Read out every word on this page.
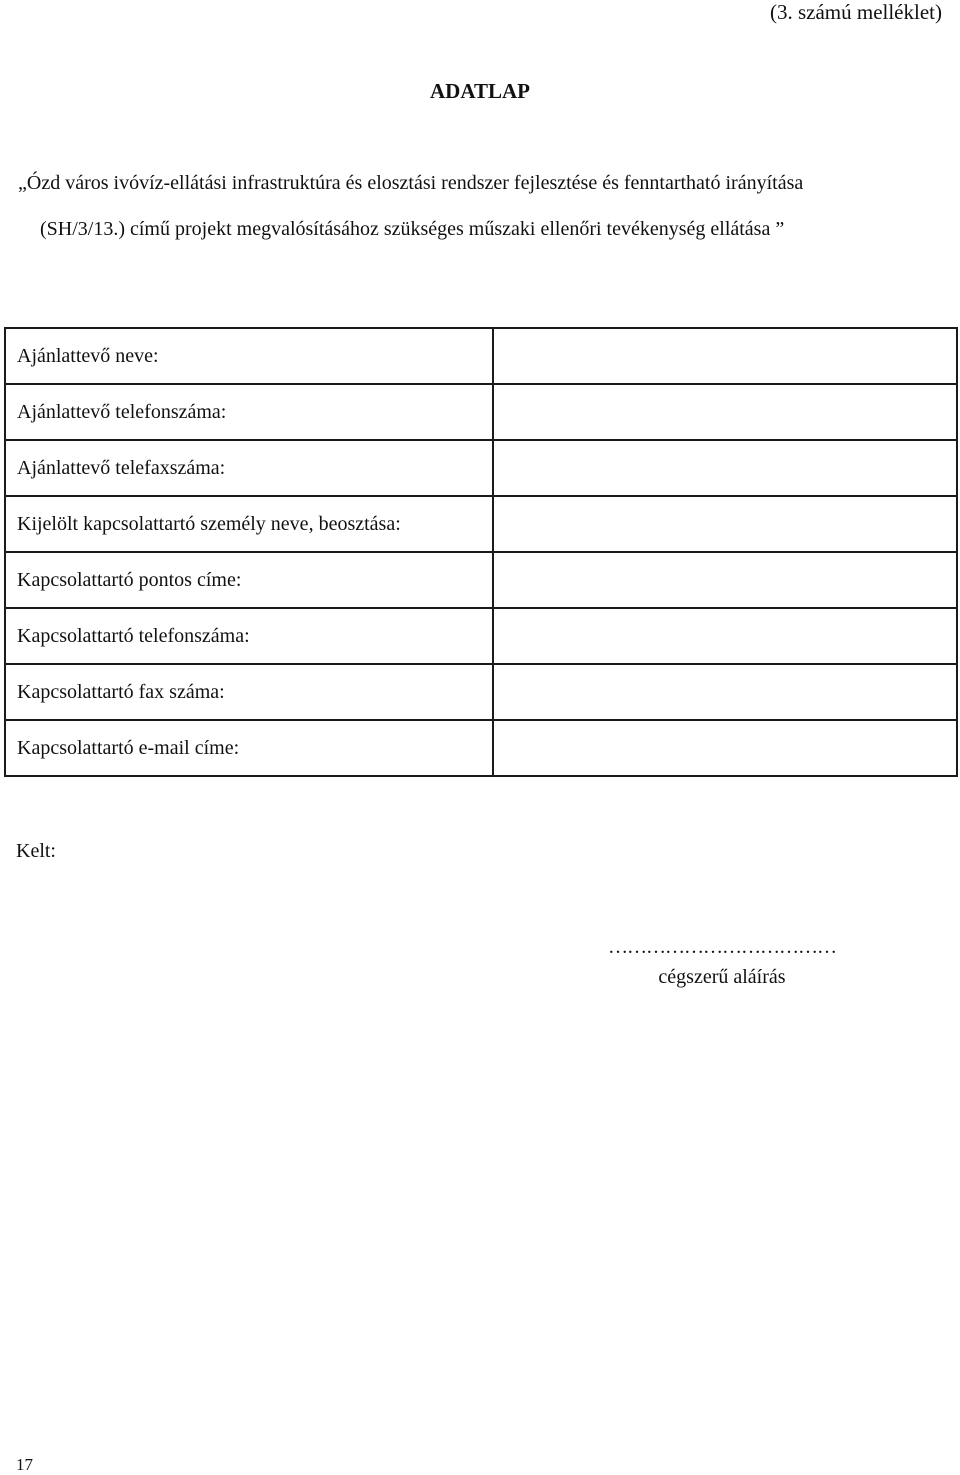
(3. számú melléklet)
ADATLAP
„Ózd város ivóvíz-ellátási infrastruktúra és elosztási rendszer fejlesztése és fenntartható irányítása
(SH/3/13.) című projekt megvalósításához szükséges műszaki ellenőri tevékenység ellátása ”
Ajánlattevő neve:	
Ajánlattevő telefonszáma:	
Ajánlattevő telefaxszáma:	
Kijelölt kapcsolattartó személy neve, beosztása:	
Kapcsolattartó pontos címe:	
Kapcsolattartó telefonszáma:	
Kapcsolattartó fax száma:	
Kapcsolattartó e-mail címe:	
Kelt:
………………………………
cégszerű aláírás
17
